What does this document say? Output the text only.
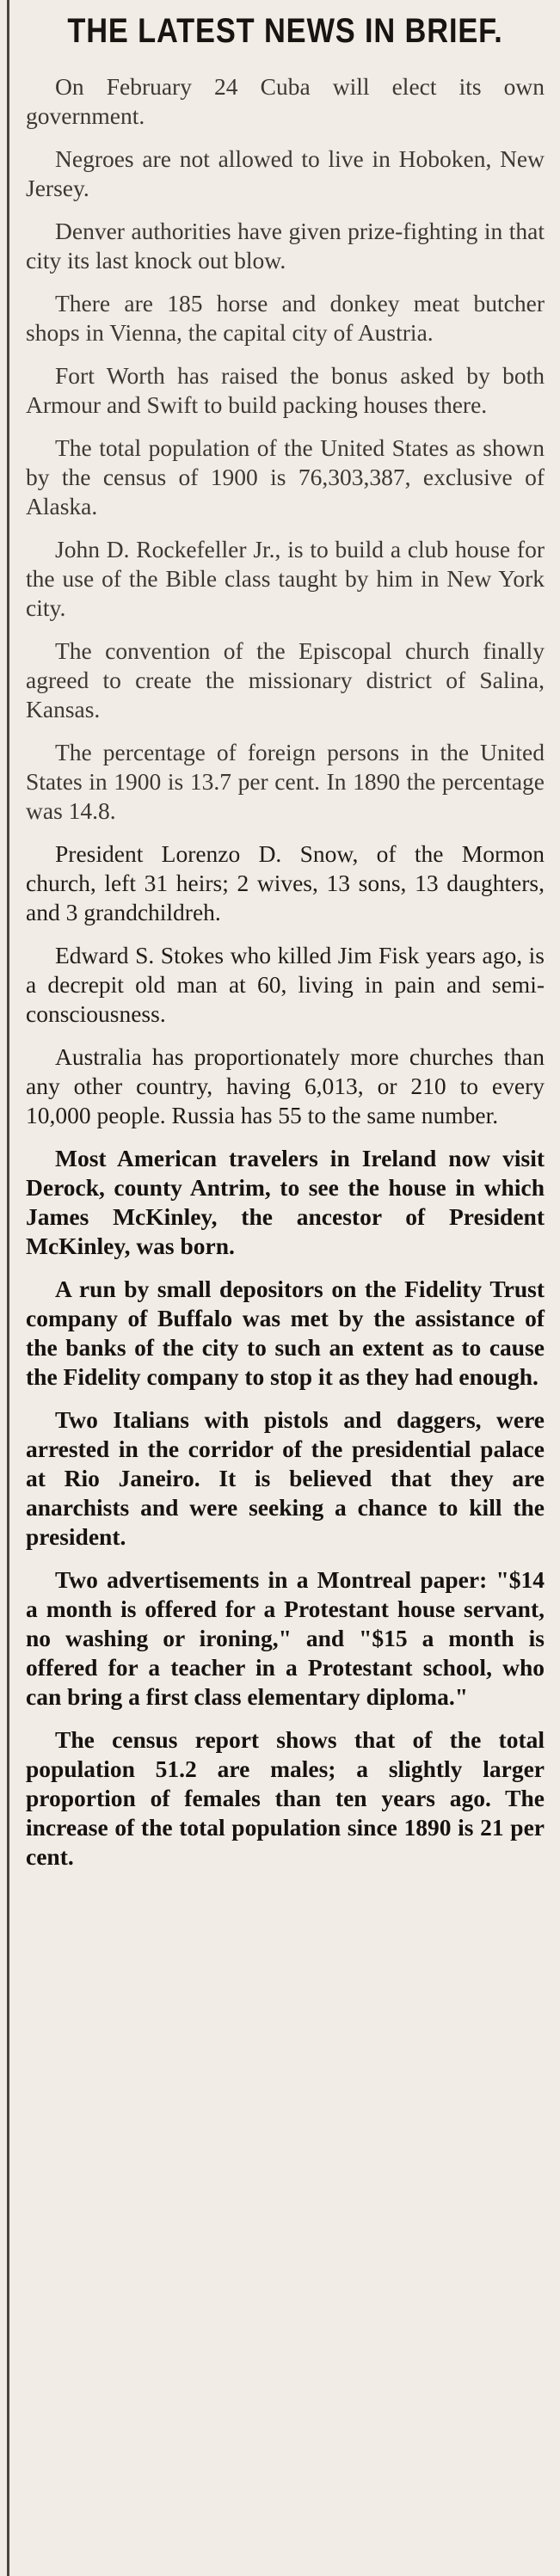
THE LATEST NEWS IN BRIEF.

On February 24 Cuba will elect its own government.

Negroes are not allowed to live in Hoboken, New Jersey.

Denver authorities have given prize-fighting in that city its last knock out blow.

There are 185 horse and donkey meat butcher shops in Vienna, the capital city of Austria.

Fort Worth has raised the bonus asked by both Armour and Swift to build packing houses there.

The total population of the United States as shown by the census of 1900 is 76,303,387, exclusive of Alaska.

John D. Rockefeller Jr., is to build a club house for the use of the Bible class taught by him in New York city.

The convention of the Episcopal church finally agreed to create the missionary district of Salina, Kansas.

The percentage of foreign persons in the United States in 1900 is 13.7 per cent. In 1890 the percentage was 14.8.

President Lorenzo D. Snow, of the Mormon church, left 31 heirs; 2 wives, 13 sons, 13 daughters, and 3 grandchildreh.

Edward S. Stokes who killed Jim Fisk years ago, is a decrepit old man at 60, living in pain and semi-consciousness.

Australia has proportionately more churches than any other country, having 6,013, or 210 to every 10,000 people. Russia has 55 to the same number.

Most American travelers in Ireland now visit Derock, county Antrim, to see the house in which James McKinley, the ancestor of President McKinley, was born.

A run by small depositors on the Fidelity Trust company of Buffalo was met by the assistance of the banks of the city to such an extent as to cause the Fidelity company to stop it as they had enough.

Two Italians with pistols and daggers, were arrested in the corridor of the presidential palace at Rio Janeiro. It is believed that they are anarchists and were seeking a chance to kill the president.

Two advertisements in a Montreal paper: "$14 a month is offered for a Protestant house servant, no washing or ironing," and "$15 a month is offered for a teacher in a Protestant school, who can bring a first class elementary diploma."

The census report shows that of the total population 51.2 are males; a slightly larger proportion of females than ten years ago. The increase of the total population since 1890 is 21 per cent.
